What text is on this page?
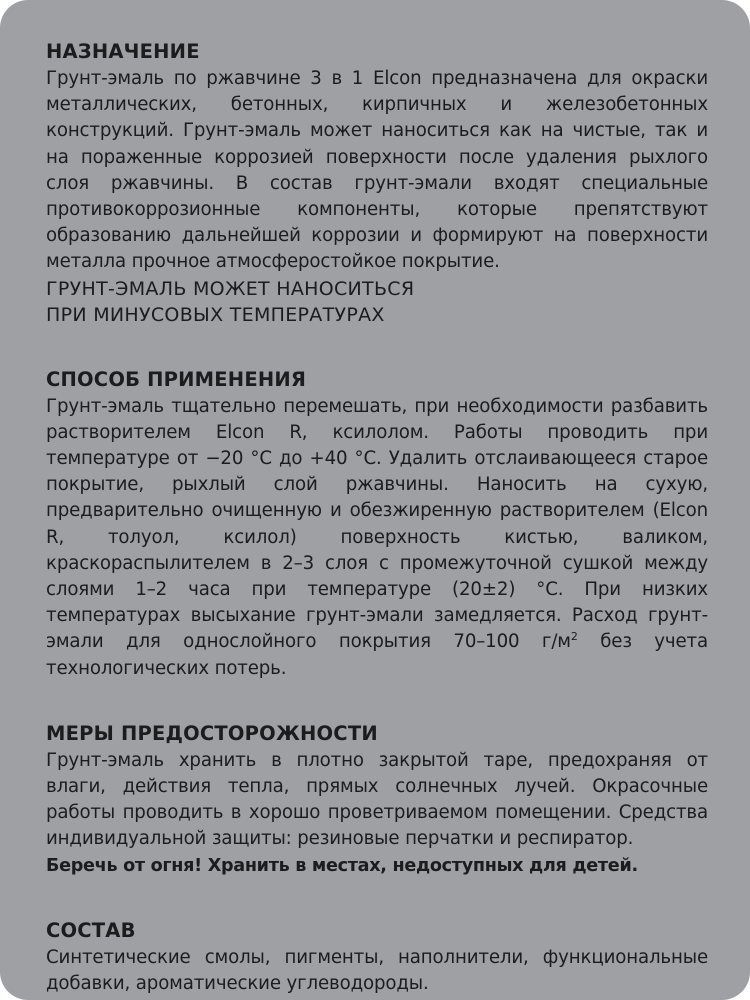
НАЗНАЧЕНИЕ

Грунт-эмаль по ржавчине 3 в 1 Elcon предназначена для окраски металлических, бетонных, кирпичных и железобетонных конструкций. Грунт-эмаль может наноситься как на чистые, так и на пораженные коррозией поверхности после удаления рыхлого слоя ржавчины. В состав грунт-эмали входят специальные противокоррозионные компоненты, которые препятствуют образованию дальнейшей коррозии и формируют на поверхности металла прочное атмосферостойкое покрытие.

ГРУНТ-ЭМАЛЬ МОЖЕТ НАНОСИТЬСЯ

ПРИ МИНУСОВЫХ ТЕМПЕРАТУРАХ

СПОСОБ ПРИМЕНЕНИЯ

Грунт-эмаль тщательно перемешать, при необходимости разбавить растворителем Elcon R, ксилолом. Работы проводить при температуре от −20 °С до +40 °С. Удалить отслаивающееся старое покрытие, рыхлый слой ржавчины. Наносить на сухую, предварительно очищенную и обезжиренную растворителем (Elcon R, толуол, ксилол) поверхность кистью, валиком, краскораспылителем в 2–3 слоя с промежуточной сушкой между слоями 1–2 часа при температуре (20±2) °С. При низких температурах высыхание грунт-эмали замедляется. Расход грунт-эмали для однослойного покрытия 70–100 $г/м^2$ без учета технологических потерь.

МЕРЫ ПРЕДОСТОРОЖНОСТИ

Грунт-эмаль хранить в плотно закрытой таре, предохраняя от влаги, действия тепла, прямых солнечных лучей. Окрасочные работы проводить в хорошо проветриваемом помещении. Средства индивидуальной защиты: резиновые перчатки и респиратор.

Беречь от огня! Хранить в местах, недоступных для детей.

СОСТАВ

Синтетические смолы, пигменты, наполнители, функциональные добавки, ароматические углеводороды.
